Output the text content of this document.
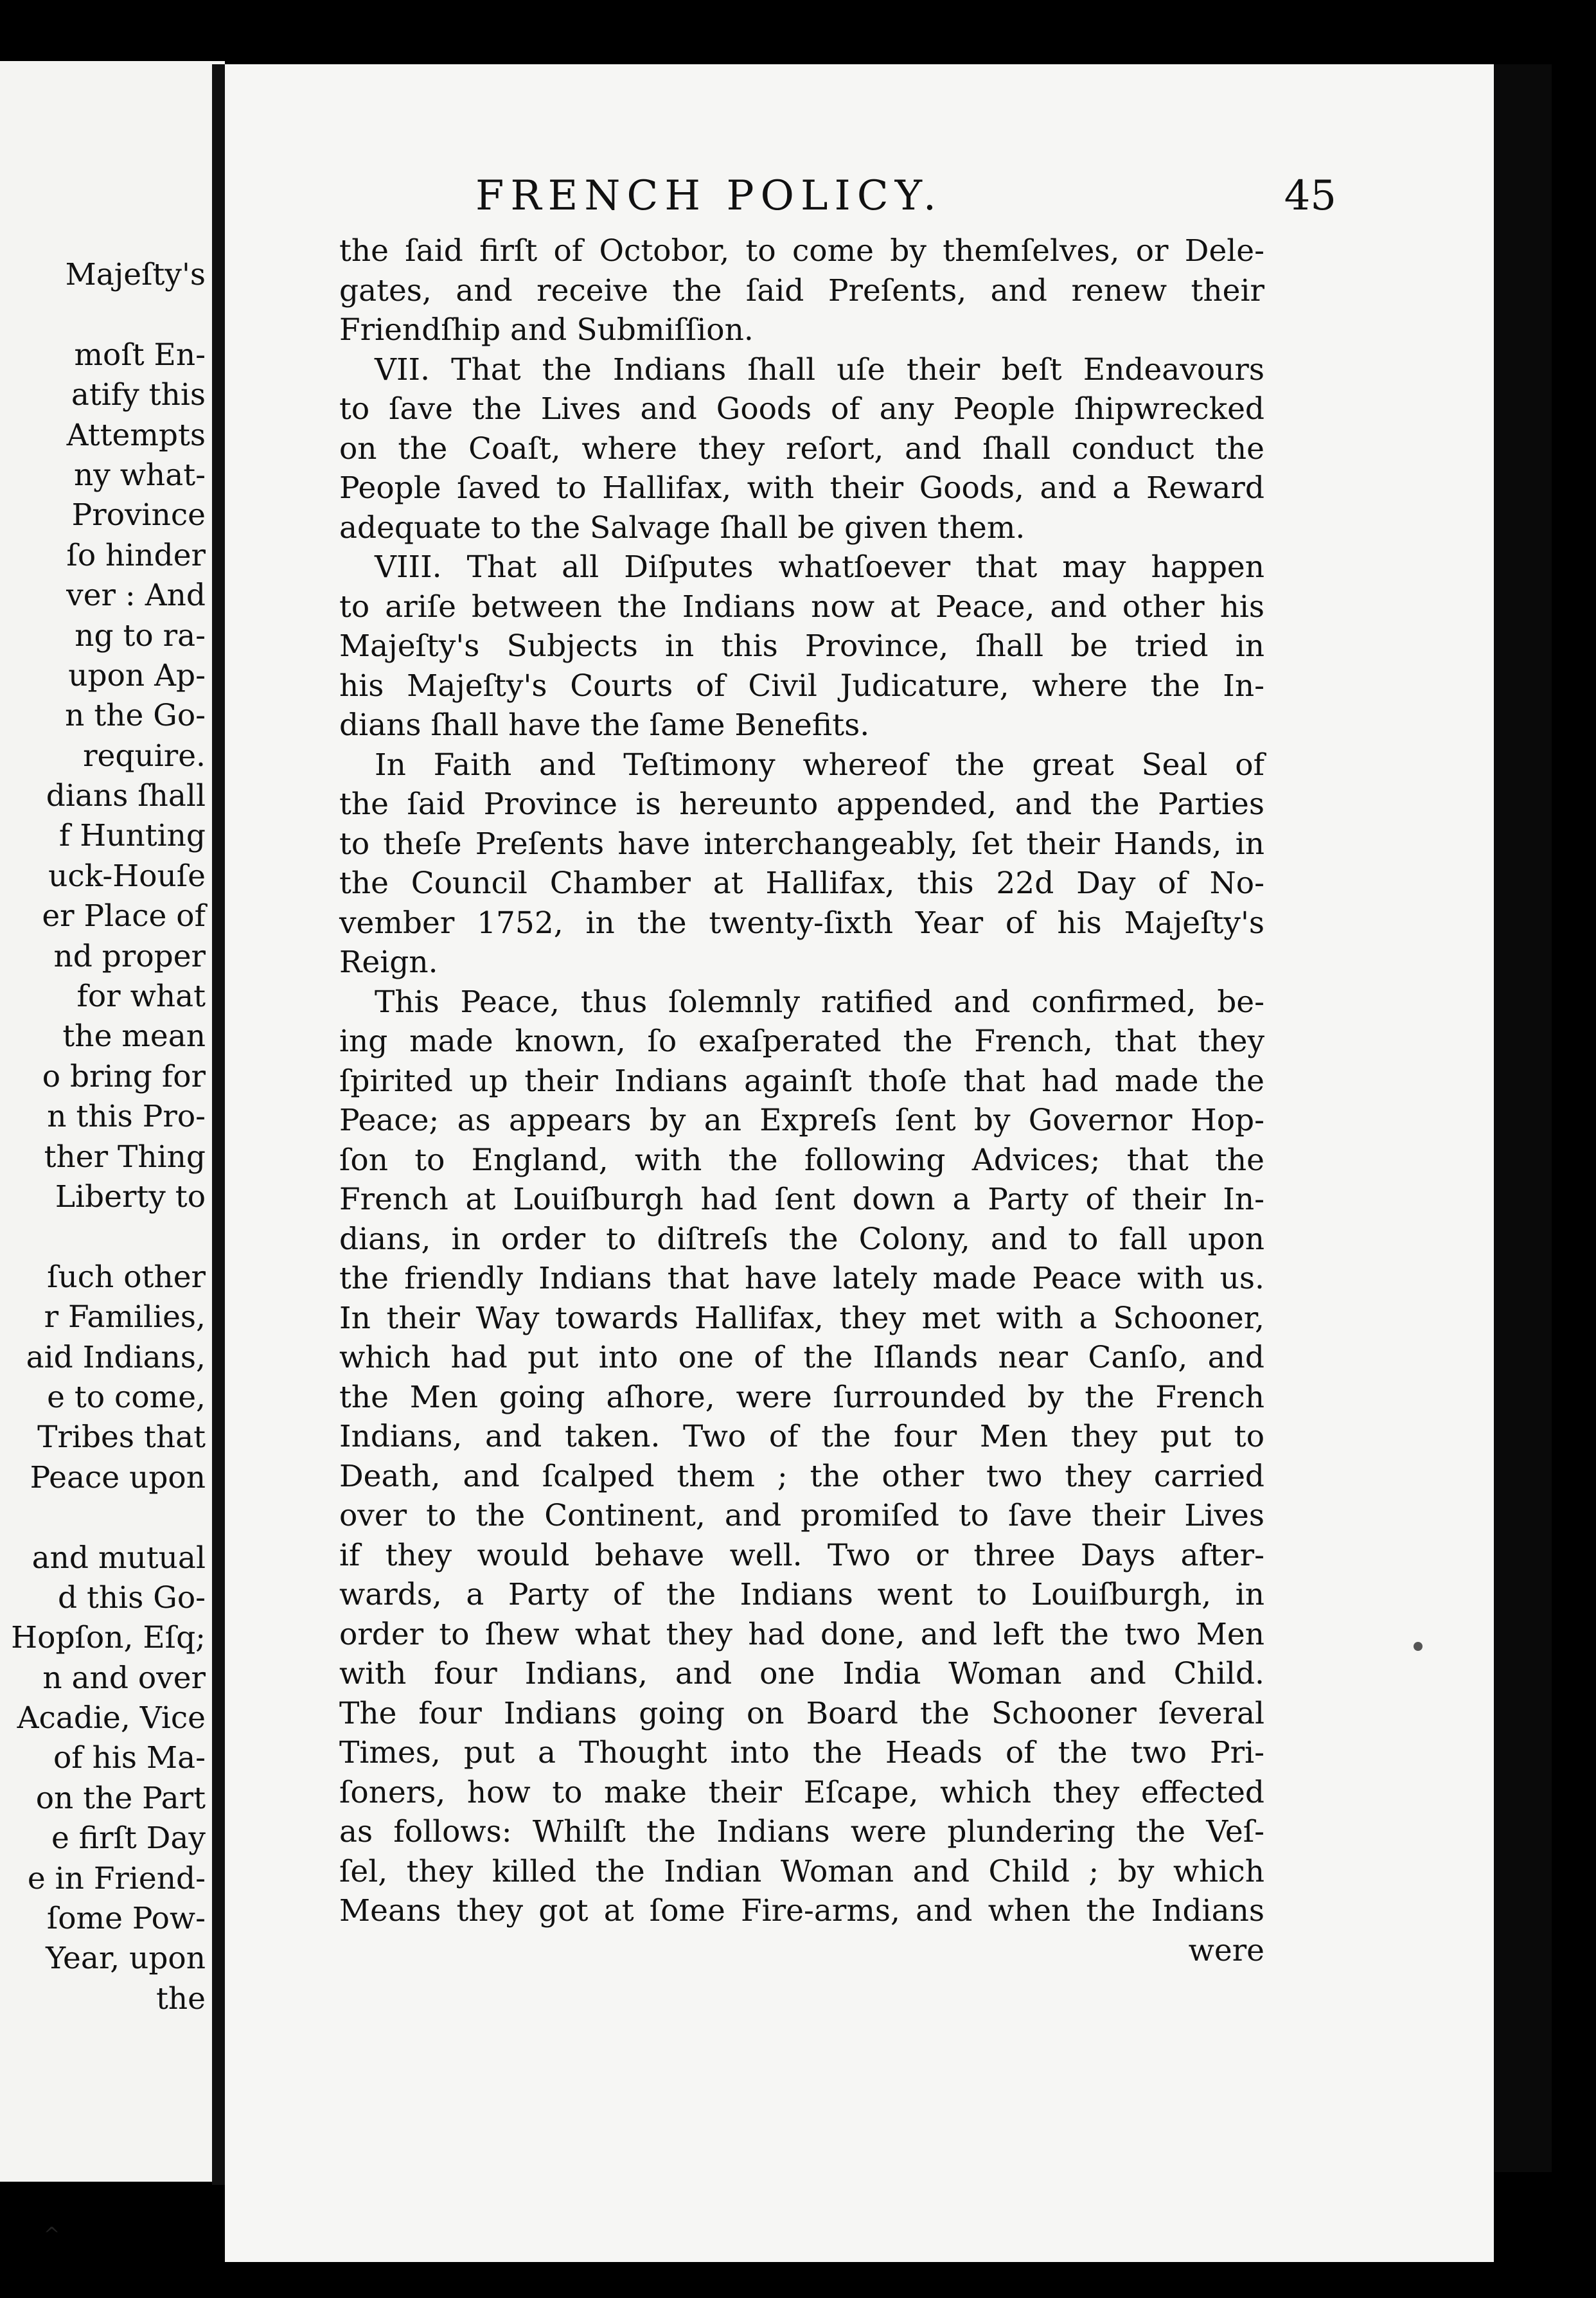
Majeſty's
moſt En-
atify this
Attempts
ny what-
Province
ſo hinder
ver : And
ng to ra-
upon Ap-
n the Go-
require.
dians ſhall
f Hunting
uck-Houſe
er Place of
nd proper
for what
the mean
o bring for
n this Pro-
ther Thing
Liberty to
ſuch other
r Families,
aid Indians,
e to come,
Tribes that
Peace upon
and mutual
d this Go-
Hopſon, Eſq;
n and over
Acadie, Vice
of his Ma-
on the Part
e firſt Day
e in Friend-
ſome Pow-
Year, upon
the
^
FRENCH POLICY.	45
the ſaid firſt of Octobor, to come by themſelves, or Dele-
gates, and receive the ſaid Preſents, and renew their
Friendſhip and Submiſſion.
VII. That the Indians ſhall uſe their beſt Endeavours
to ſave the Lives and Goods of any People ſhipwrecked
on the Coaſt, where they reſort, and ſhall conduct the
People ſaved to Hallifax, with their Goods, and a Reward
adequate to the Salvage ſhall be given them.
VIII. That all Diſputes whatſoever that may happen
to ariſe between the Indians now at Peace, and other his
Majeſty's Subjects in this Province, ſhall be tried in
his Majeſty's Courts of Civil Judicature, where the In-
dians ſhall have the ſame Benefits.
In Faith and Teſtimony whereof the great Seal of
the ſaid Province is hereunto appended, and the Parties
to theſe Preſents have interchangeably, ſet their Hands, in
the Council Chamber at Hallifax, this 22d Day of No-
vember 1752, in the twenty-ſixth Year of his Majeſty's
Reign.
This Peace, thus ſolemnly ratified and confirmed, be-
ing made known, ſo exaſperated the French, that they
ſpirited up their Indians againſt thoſe that had made the
Peace; as appears by an Expreſs ſent by Governor Hop-
ſon to England, with the following Advices; that the
French at Louiſburgh had ſent down a Party of their In-
dians, in order to diſtreſs the Colony, and to fall upon
the friendly Indians that have lately made Peace with us.
In their Way towards Hallifax, they met with a Schooner,
which had put into one of the Iſlands near Canſo, and
the Men going aſhore, were ſurrounded by the French
Indians, and taken. Two of the four Men they put to
Death, and ſcalped them ; the other two they carried
over to the Continent, and promiſed to ſave their Lives
if they would behave well. Two or three Days after-
wards, a Party of the Indians went to Louiſburgh, in
order to ſhew what they had done, and left the two Men
with four Indians, and one India Woman and Child.
The four Indians going on Board the Schooner ſeveral
Times, put a Thought into the Heads of the two Pri-
ſoners, how to make their Eſcape, which they effected
as follows: Whilſt the Indians were plundering the Veſ-
ſel, they killed the Indian Woman and Child ; by which
Means they got at ſome Fire-arms, and when the Indians
were
